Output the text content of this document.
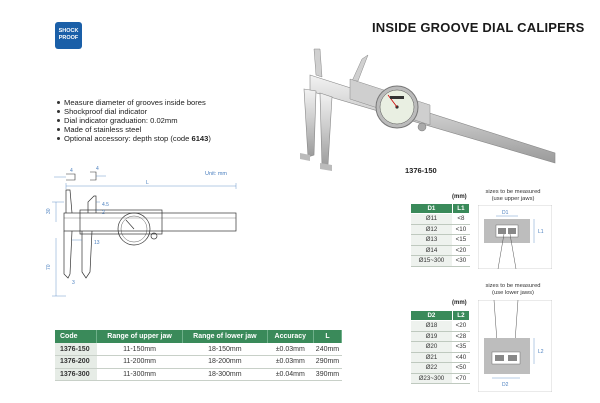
SHOCK
PROOF
INSIDE GROOVE DIAL CALIPERS
1376-150
Measure diameter of grooves inside bores
Shockproof dial indicator
Dial indicator graduation: 0.02mm
Made of stainless steel
Optional accessory: depth stop (code 6143)
Unit: mm
L
4	4
4.5
30	2
13
70
3
(mm)
D1	L1
Ø11	<8
Ø12	<10
Ø13	<15
Ø14	<20
Ø15~300	<30
sizes to be measured
(use upper jaws)
D1
L1
(mm)
D2	L2
Ø18	<20
Ø19	<28
Ø20	<35
Ø21	<40
Ø22	<50
Ø23~300	<70
sizes to be measured
(use lower jaws)
L2
D2
Code	Range of upper jaw	Range of lower jaw	Accuracy	L
1376-150	11-150mm	18-150mm	±0.03mm	240mm
1376-200	11-200mm	18-200mm	±0.03mm	290mm
1376-300	11-300mm	18-300mm	±0.04mm	390mm
